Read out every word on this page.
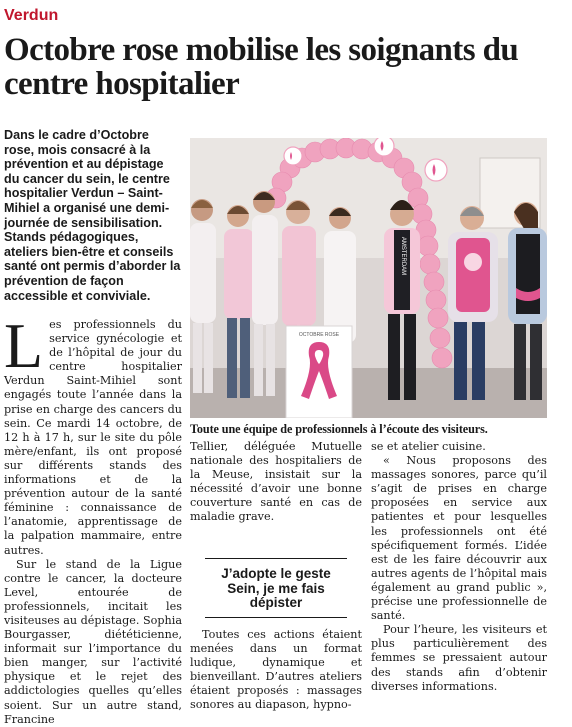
Verdun
Octobre rose mobilise les soignants du centre hospitalier

Dans le cadre d’Octobre rose, mois consacré à la prévention et au dépistage du cancer du sein, le centre hospitalier Verdun – Saint-Mihiel a organisé une demi-journée de sensibilisation. Stands pédagogiques, ateliers bien-être et conseils santé ont permis d’aborder la prévention de façon accessible et conviviale.

OCTOBRE ROSE
AMSTERDAM
Toute une équipe de professionnels à l’écoute des visiteurs.

Les professionnels du service gynécologie et de l’hôpital de jour du centre hospitalier Verdun Saint-Mihiel sont engagés toute l’année dans la prise en charge des cancers du sein. Ce mardi 14 octobre, de 12 h à 17 h, sur le site du pôle mère/enfant, ils ont proposé sur différents stands des informations et de la prévention autour de la santé féminine : connaissance de l’anatomie, apprentissage de la palpation mammaire, entre autres.

Sur le stand de la Ligue contre le cancer, la docteure Level, entourée de professionnels, incitait les visiteuses au dépistage. Sophia Bourgasser, diététicienne, informait sur l’importance du bien manger, sur l’activité physique et le rejet des addictologies quelles qu’elles soient. Sur un autre stand, Francine

Tellier, déléguée Mutuelle nationale des hospitaliers de la Meuse, insistait sur la nécessité d’avoir une bonne couverture santé en cas de maladie grave.

J’adopte le geste Sein, je me fais dépister

Toutes ces actions étaient menées dans un format ludique, dynamique et bienveillant. D’autres ateliers étaient proposés : massages sonores au diapason, hypno-

se et atelier cuisine.

« Nous proposons des massages sonores, parce qu’il s’agit de prises en charge proposées en service aux patientes et pour lesquelles les professionnels ont été spécifiquement formés. L’idée est de les faire découvrir aux autres agents de l’hôpital mais également au grand public », précise une professionnelle de santé.

Pour l’heure, les visiteurs et plus particulièrement des femmes se pressaient autour des stands afin d’obtenir diverses informations.
